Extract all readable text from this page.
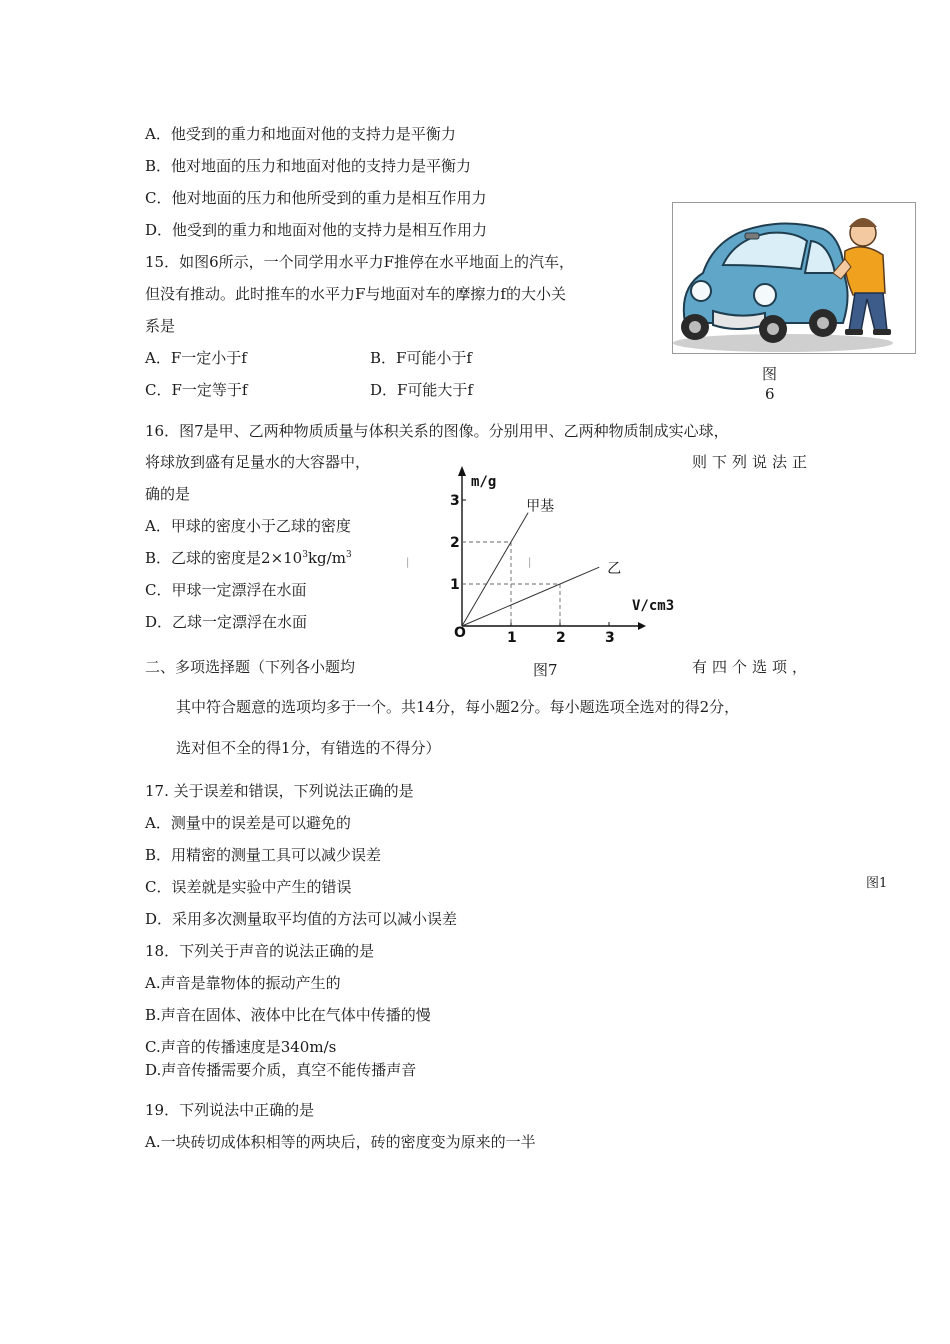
A．他受到的重力和地面对他的支持力是平衡力
B．他对地面的压力和地面对他的支持力是平衡力
C．他对地面的压力和他所受到的重力是相互作用力
D．他受到的重力和地面对他的支持力是相互作用力
图
6
15．如图6所示，一个同学用水平力F推停在水平地面上的汽车，
但没有推动。此时推车的水平力F与地面对车的摩擦力f的大小关
系是
A．F一定小于f	B．F可能小于f
C．F一定等于f	D．F可能大于f
16．图7是甲、乙两种物质质量与体积关系的图像。分别用甲、乙两种物质制成实心球，
将球放到盛有足量水的大容器中，	则下列说法正
确的是
A．甲球的密度小于乙球的密度
B．乙球的密度是$2\times 10^3kg/m^3$
C．甲球一定漂浮在水面
D．乙球一定漂浮在水面
|	|
m/g
V/cm3
O	1	2	3
1
2
3	甲基
乙
图7
二、多项选择题（下列各小题均	有四个选项，
其中符合题意的选项均多于一个。共14分，每小题2分。每小题选项全选对的得2分，
选对但不全的得1分，有错选的不得分）
17. 关于误差和错误，下列说法正确的是
A．测量中的误差是可以避免的
B．用精密的测量工具可以减少误差
C．误差就是实验中产生的错误
D．采用多次测量取平均值的方法可以减小误差
图1
18．下列关于声音的说法正确的是
A.声音是靠物体的振动产生的
B.声音在固体、液体中比在气体中传播的慢
C.声音的传播速度是340m/s
D.声音传播需要介质，真空不能传播声音
19．下列说法中正确的是
A.一块砖切成体积相等的两块后，砖的密度变为原来的一半
